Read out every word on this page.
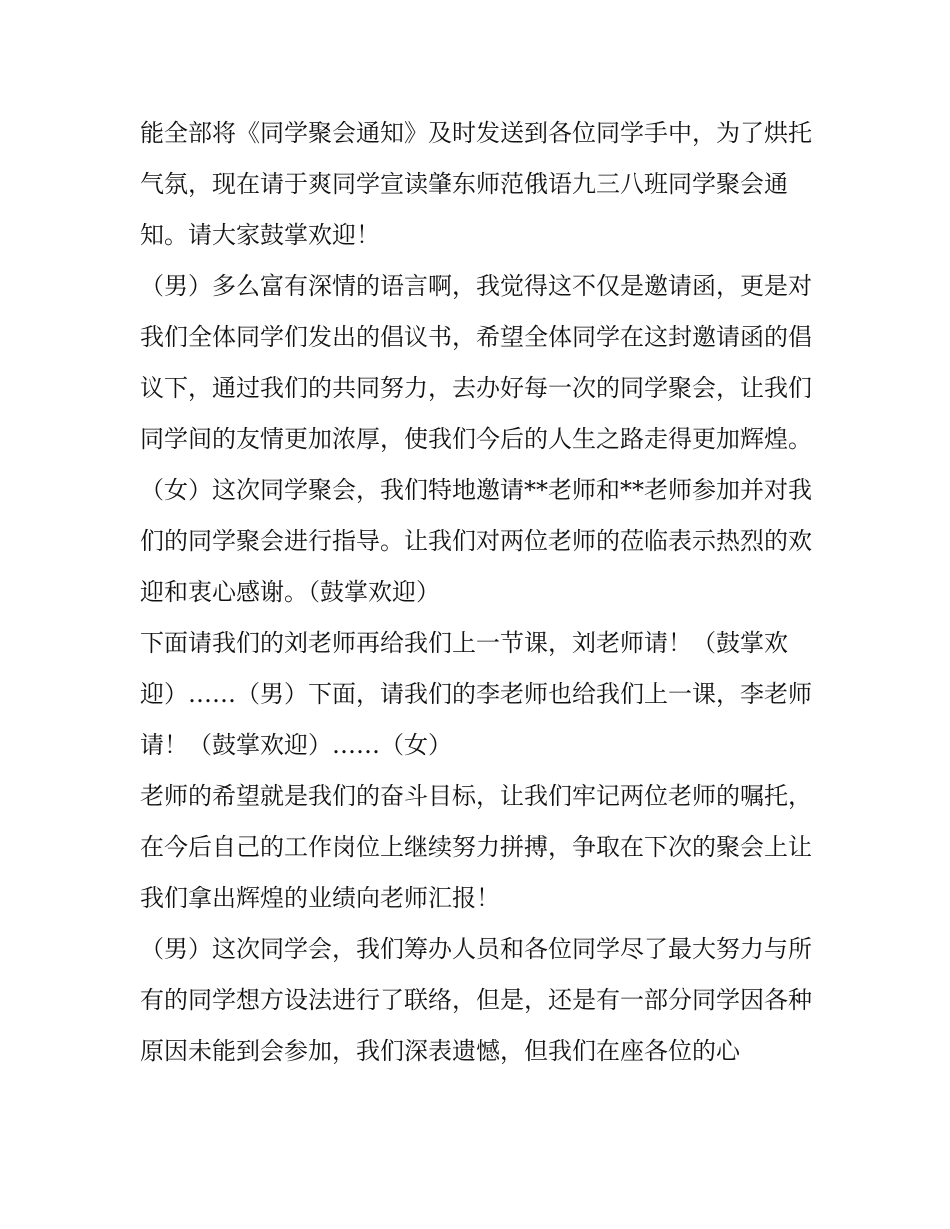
能全部将《同学聚会通知》及时发送到各位同学手中，为了烘托气氛，现在请于爽同学宣读肇东师范俄语九三八班同学聚会通知。请大家鼓掌欢迎！

（男）多么富有深情的语言啊，我觉得这不仅是邀请函，更是对我们全体同学们发出的倡议书，希望全体同学在这封邀请函的倡议下，通过我们的共同努力，去办好每一次的同学聚会，让我们同学间的友情更加浓厚，使我们今后的人生之路走得更加辉煌。

（女）这次同学聚会，我们特地邀请**老师和**老师参加并对我们的同学聚会进行指导。让我们对两位老师的莅临表示热烈的欢迎和衷心感谢。（鼓掌欢迎）

下面请我们的刘老师再给我们上一节课，刘老师请！（鼓掌欢迎）……（男）下面，请我们的李老师也给我们上一课，李老师请！（鼓掌欢迎）……（女）

老师的希望就是我们的奋斗目标，让我们牢记两位老师的嘱托，在今后自己的工作岗位上继续努力拼搏，争取在下次的聚会上让我们拿出辉煌的业绩向老师汇报！

（男）这次同学会，我们筹办人员和各位同学尽了最大努力与所有的同学想方设法进行了联络，但是，还是有一部分同学因各种原因未能到会参加，我们深表遗憾，但我们在座各位的心
